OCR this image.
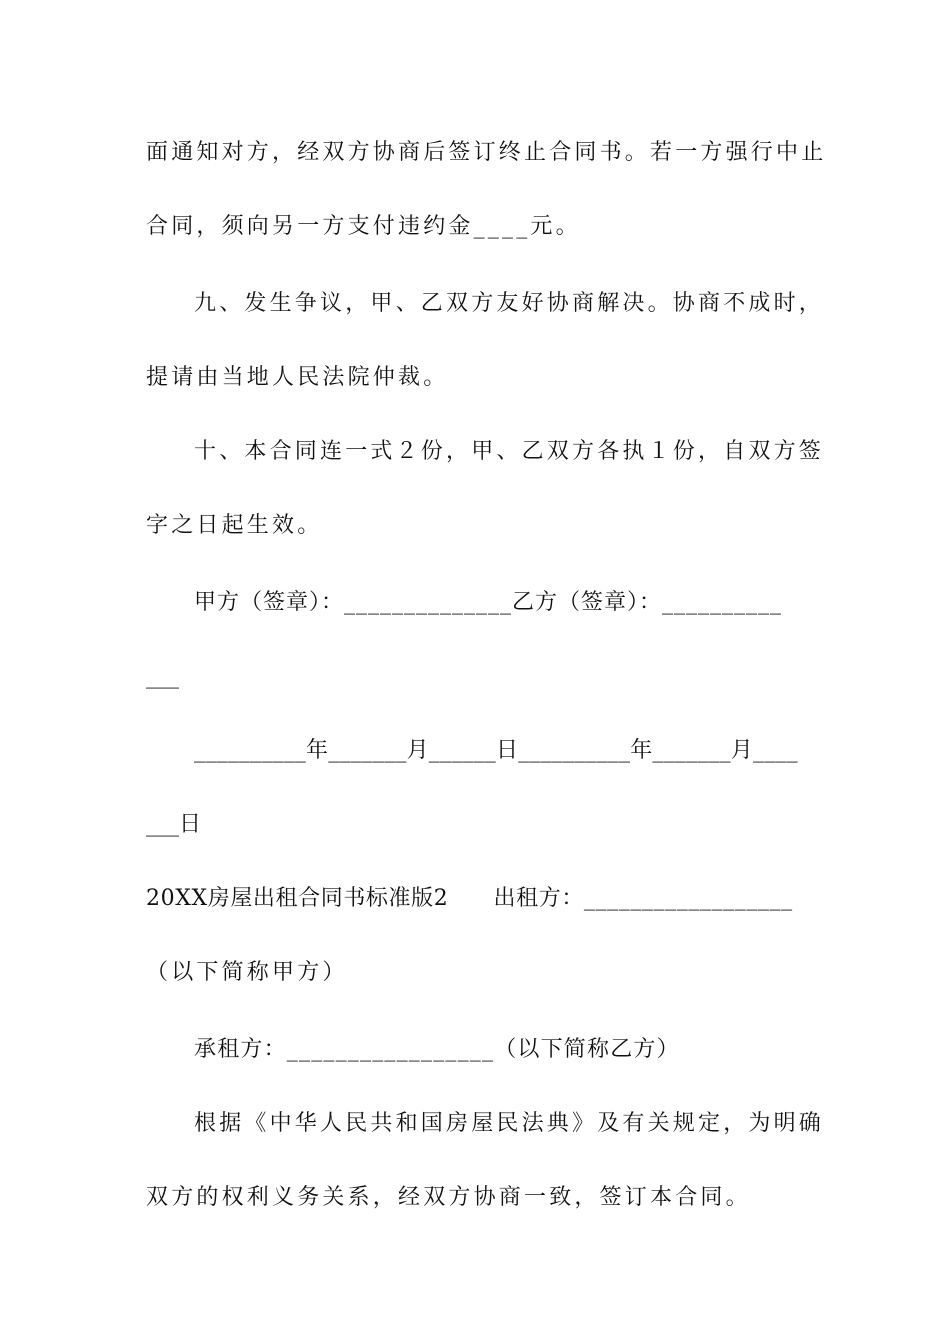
面通知对方，经双方协商后签订终止合同书。若一方强行中止
合同，须向另一方支付违约金____元。
九、发生争议，甲、乙双方友好协商解决。协商不成时，
提请由当地人民法院仲裁。
十、本合同连一式２份，甲、乙双方各执１份，自双方签
字之日起生效。
甲方（签章）：______________乙方（签章）：__________
___
__________年_______月______日__________年_______月____
___日
20XX房屋出租合同书标准版2　　出租方：__________________
（以下简称甲方）
承租方：_________________（以下简称乙方）
根据《中华人民共和国房屋民法典》及有关规定，为明确
双方的权利义务关系，经双方协商一致，签订本合同。
